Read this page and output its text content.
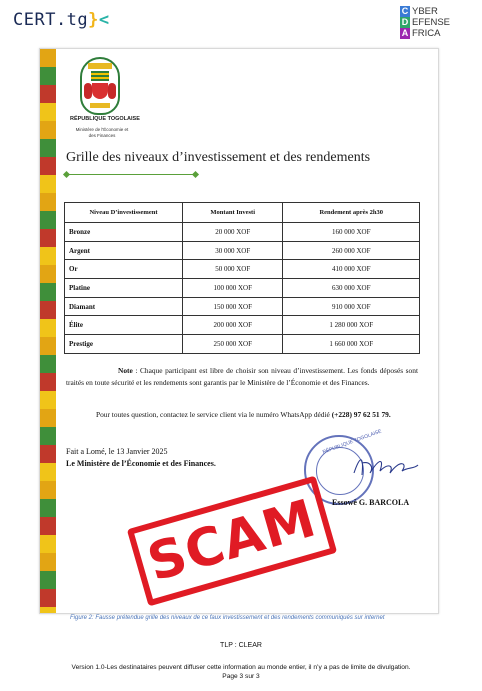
CERT.tg}<	C YBER
D EFENSE
A FRICA
RÉPUBLIQUE TOGOLAISE
Ministère de l'Économie et des Finances
Grille des niveaux d’investissement et des rendements
Niveau D’investissement	Montant Investi	Rendement après 2h30
Bronze	20 000 XOF	160 000 XOF
Argent	30 000 XOF	260 000 XOF
Or	50 000 XOF	410 000 XOF
Platine	100 000 XOF	630 000 XOF
Diamant	150 000 XOF	910 000 XOF
Élite	200 000 XOF	1 280 000 XOF
Prestige	250 000 XOF	1 660 000 XOF

Note : Chaque participant est libre de choisir son niveau d’investissement. Les fonds déposés sont traités en toute sécurité et les rendements sont garantis par le Ministère de l’Économie et des Finances.

Pour toutes question, contactez le service client via le numéro WhatsApp dédié (+228) 97 62 51 79.

Fait a Lomé, le 13 Janvier 2025
Le Ministère de l’Économie et des Finances.
RÉPUBLIQUE TOGOLAISE
Essowè G. BARCOLA
SCAM
Figure 2: Fausse prétendue grille des niveaux de ce faux investissement et des rendements communiqués sur internet
TLP : CLEAR
Version 1.0-Les destinataires peuvent diffuser cette information au monde entier, il n’y a pas de limite de divulgation.
Page 3 sur 3
